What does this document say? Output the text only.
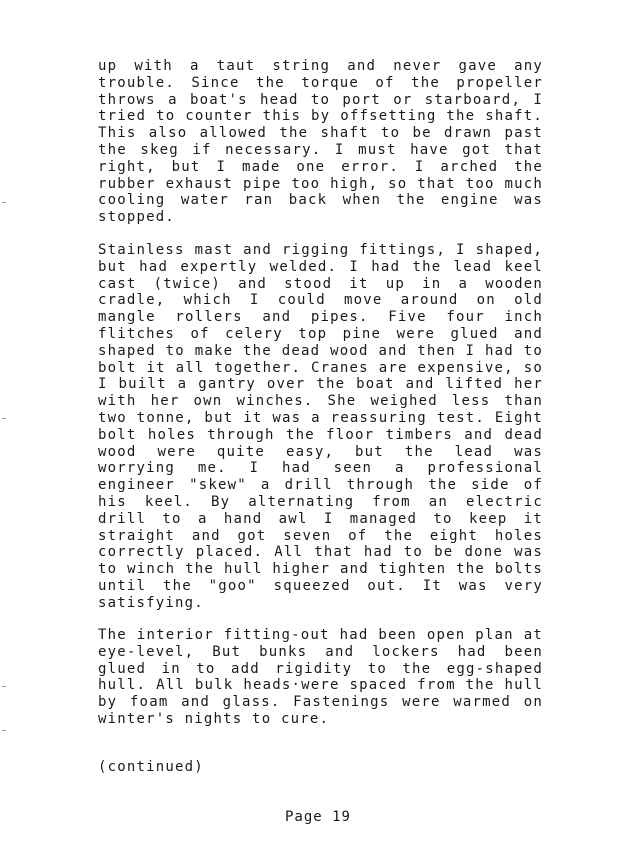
up with a taut string and never gave any trouble. Since the torque of the propeller throws a boat's head to port or starboard, I tried to counter this by offsetting the shaft. This also allowed the shaft to be drawn past the skeg if necessary. I must have got that right, but I made one error. I arched the rubber exhaust pipe too high, so that too much cooling water ran back when the engine was stopped.

Stainless mast and rigging fittings, I shaped, but had expertly welded. I had the lead keel cast (twice) and stood it up in a wooden cradle, which I could move around on old mangle rollers and pipes. Five four inch flitches of celery top pine were glued and shaped to make the dead wood and then I had to bolt it all together. Cranes are expensive, so I built a gantry over the boat and lifted her with her own winches. She weighed less than two tonne, but it was a reassuring test. Eight bolt holes through the floor timbers and dead wood were quite easy, but the lead was worrying me. I had seen a professional engineer "skew" a drill through the side of his keel. By alternating from an electric drill to a hand awl I managed to keep it straight and got seven of the eight holes correctly placed. All that had to be done was to winch the hull higher and tighten the bolts until the "goo" squeezed out. It was very satisfying.

The interior fitting-out had been open plan at eye-level, But bunks and lockers had been glued in to add rigidity to the egg-shaped hull. All bulk heads·were spaced from the hull by foam and glass. Fastenings were warmed on winter's nights to cure.

(continued)
Page 19
